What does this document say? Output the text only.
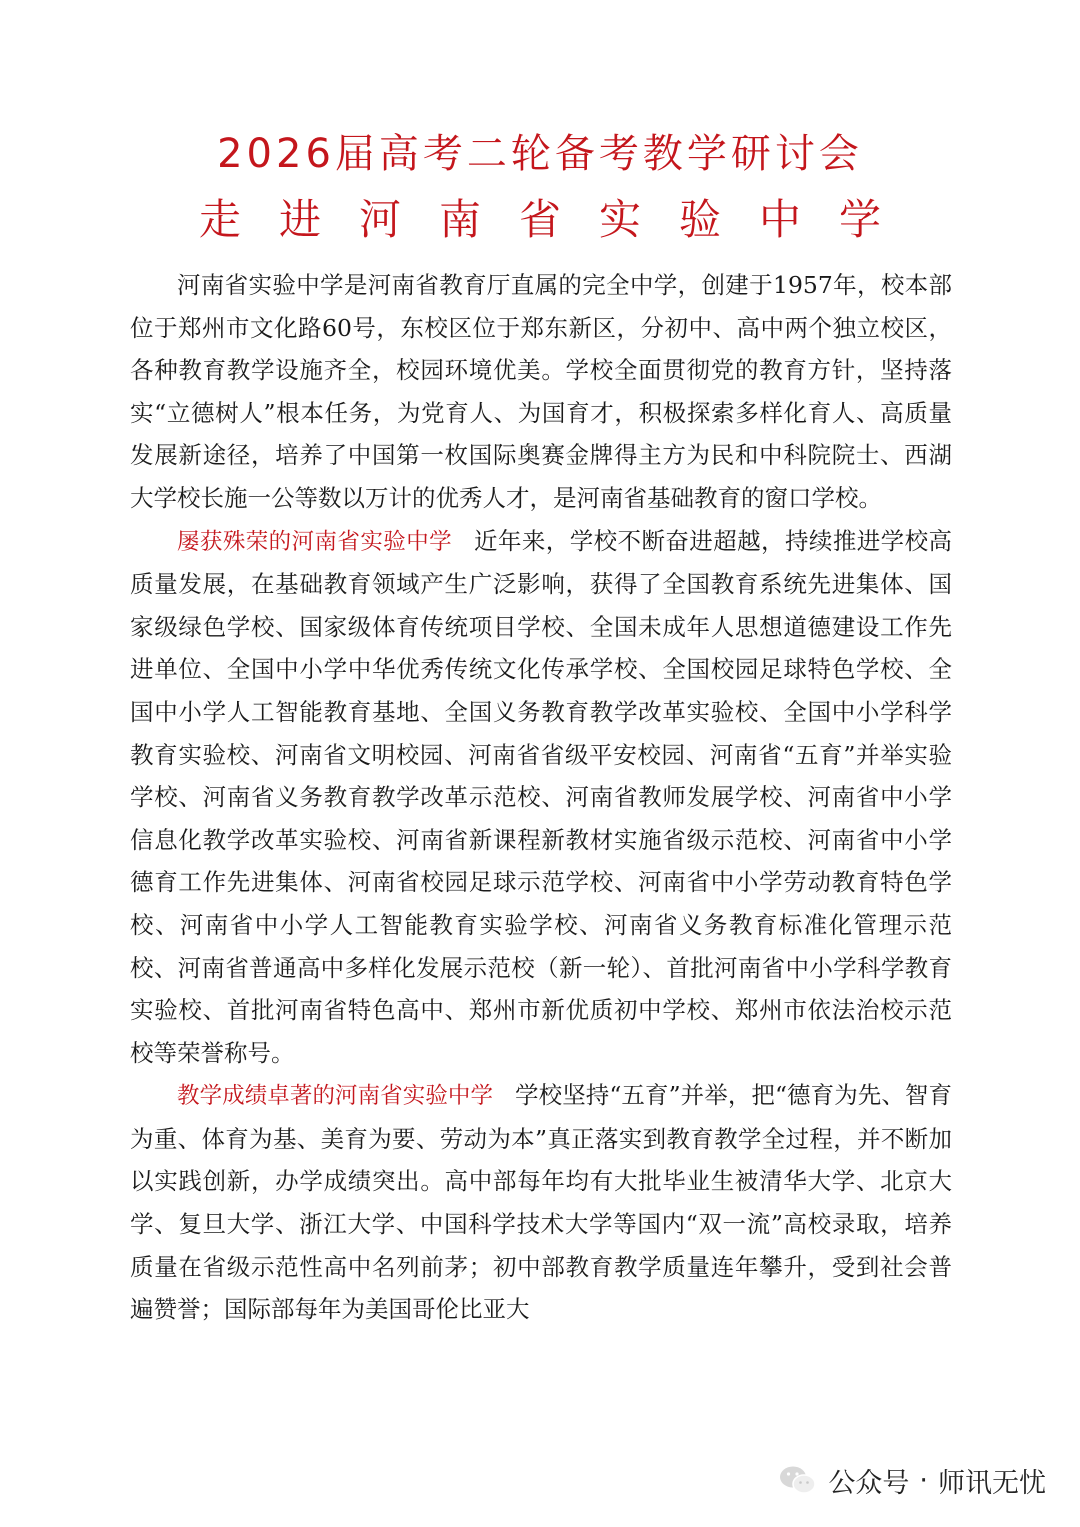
2026届高考二轮备考教学研讨会
走进河南省实验中学

河南省实验中学是河南省教育厅直属的完全中学，创建于1957年，校本部位于郑州市文化路60号，东校区位于郑东新区，分初中、高中两个独立校区，各种教育教学设施齐全，校园环境优美。学校全面贯彻党的教育方针，坚持落实“立德树人”根本任务，为党育人、为国育才，积极探索多样化育人、高质量发展新途径，培养了中国第一枚国际奥赛金牌得主方为民和中科院院士、西湖大学校长施一公等数以万计的优秀人才，是河南省基础教育的窗口学校。

屡获殊荣的河南省实验中学 近年来，学校不断奋进超越，持续推进学校高质量发展，在基础教育领域产生广泛影响，获得了全国教育系统先进集体、国家级绿色学校、国家级体育传统项目学校、全国未成年人思想道德建设工作先进单位、全国中小学中华优秀传统文化传承学校、全国校园足球特色学校、全国中小学人工智能教育基地、全国义务教育教学改革实验校、全国中小学科学教育实验校、河南省文明校园、河南省省级平安校园、河南省“五育”并举实验学校、河南省义务教育教学改革示范校、河南省教师发展学校、河南省中小学信息化教学改革实验校、河南省新课程新教材实施省级示范校、河南省中小学德育工作先进集体、河南省校园足球示范学校、河南省中小学劳动教育特色学校、河南省中小学人工智能教育实验学校、河南省义务教育标准化管理示范校、河南省普通高中多样化发展示范校（新一轮）、首批河南省中小学科学教育实验校、首批河南省特色高中、郑州市新优质初中学校、郑州市依法治校示范校等荣誉称号。

教学成绩卓著的河南省实验中学 学校坚持“五育”并举，把“德育为先、智育为重、体育为基、美育为要、劳动为本”真正落实到教育教学全过程，并不断加以实践创新，办学成绩突出。高中部每年均有大批毕业生被清华大学、北京大学、复旦大学、浙江大学、中国科学技术大学等国内“双一流”高校录取，培养质量在省级示范性高中名列前茅；初中部教育教学质量连年攀升，受到社会普遍赞誉；国际部每年为美国哥伦比亚大

公众号 · 师讯无忧
